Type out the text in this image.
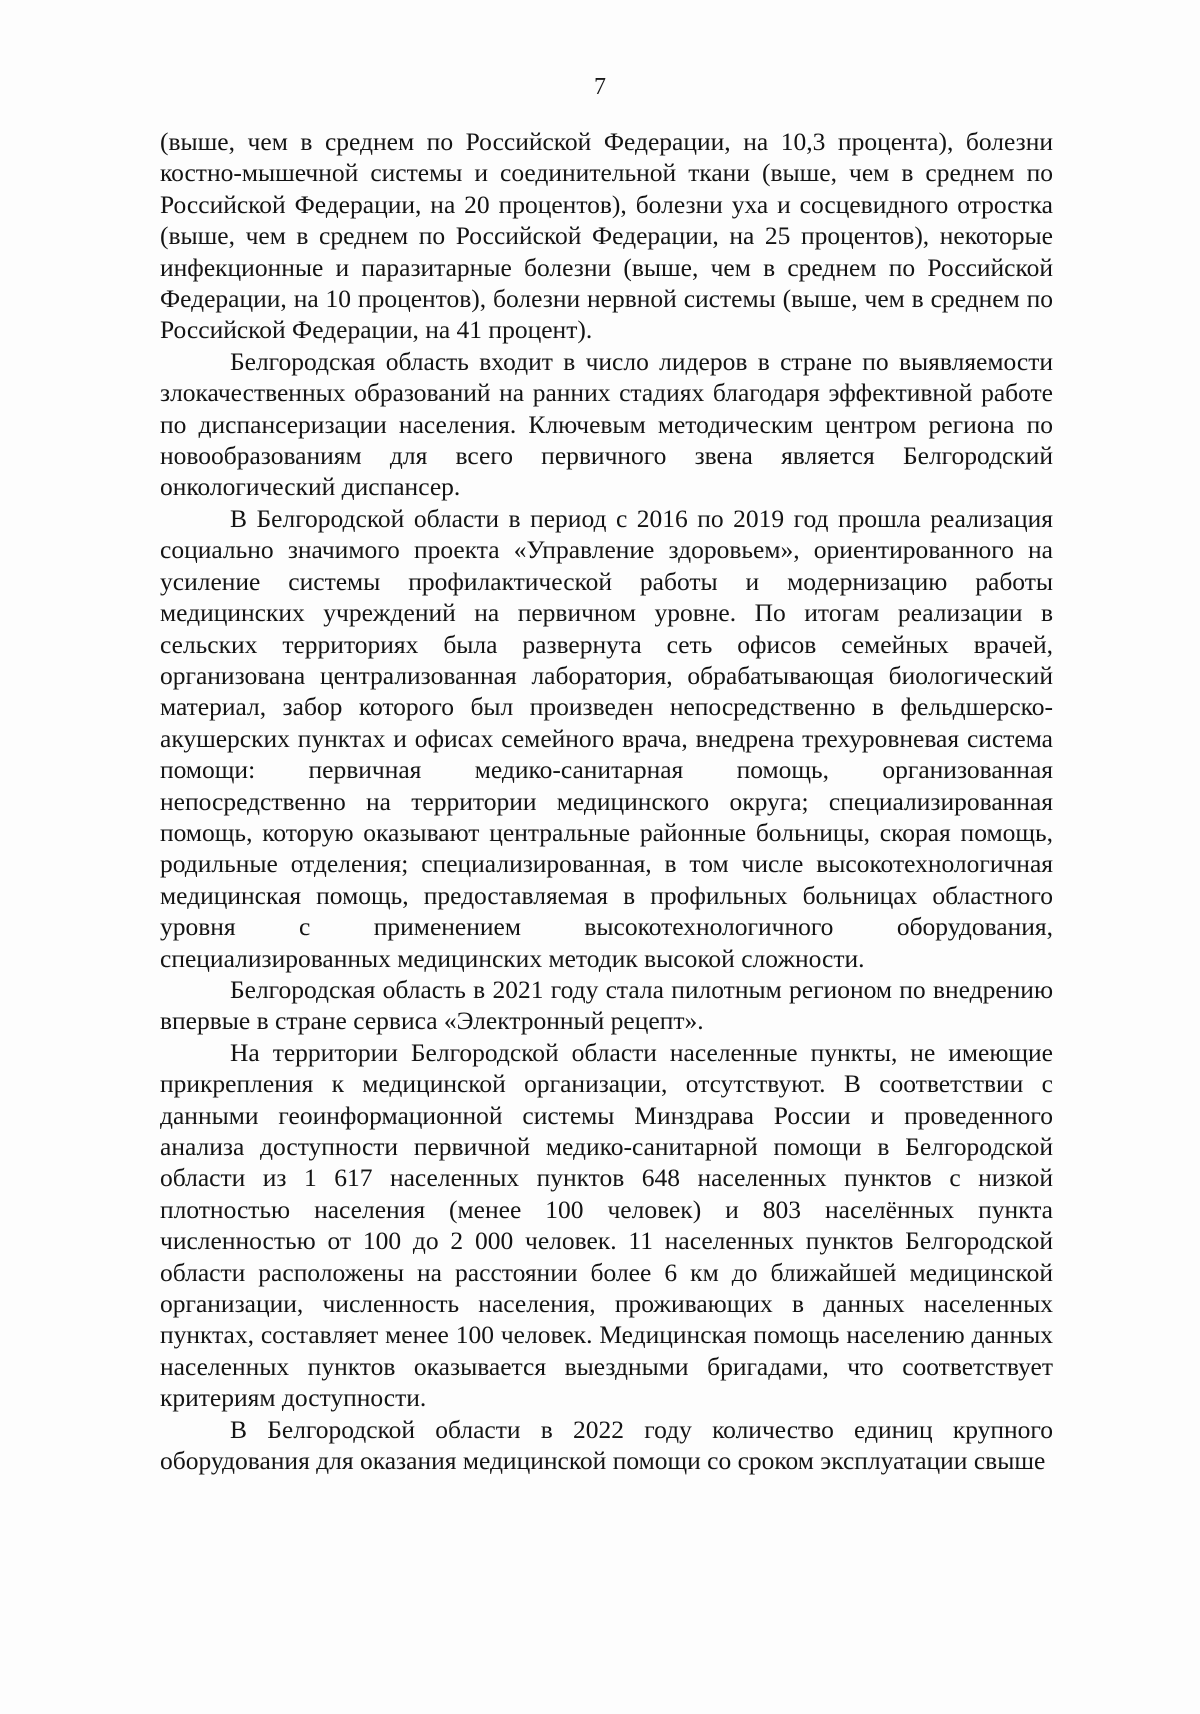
7

(выше, чем в среднем по Российской Федерации, на 10,3 процента), болезни костно-мышечной системы и соединительной ткани (выше, чем в среднем по Российской Федерации, на 20 процентов), болезни уха и сосцевидного отростка (выше, чем в среднем по Российской Федерации, на 25 процентов), некоторые инфекционные и паразитарные болезни (выше, чем в среднем по Российской Федерации, на 10 процентов), болезни нервной системы (выше, чем в среднем по Российской Федерации, на 41 процент).

Белгородская область входит в число лидеров в стране по выявляемости злокачественных образований на ранних стадиях благодаря эффективной работе по диспансеризации населения. Ключевым методическим центром региона по новообразованиям для всего первичного звена является Белгородский онкологический диспансер.

В Белгородской области в период с 2016 по 2019 год прошла реализация социально значимого проекта «Управление здоровьем», ориентированного на усиление системы профилактической работы и модернизацию работы медицинских учреждений на первичном уровне. По итогам реализации в сельских территориях была развернута сеть офисов семейных врачей, организована централизованная лаборатория, обрабатывающая биологический материал, забор которого был произведен непосредственно в фельдшерско-акушерских пунктах и офисах семейного врача, внедрена трехуровневая система помощи: первичная медико-санитарная помощь, организованная непосредственно на территории медицинского округа; специализированная помощь, которую оказывают центральные районные больницы, скорая помощь, родильные отделения; специализированная, в том числе высокотехнологичная медицинская помощь, предоставляемая в профильных больницах областного уровня с применением высокотехнологичного оборудования, специализированных медицинских методик высокой сложности.

Белгородская область в 2021 году стала пилотным регионом по внедрению впервые в стране сервиса «Электронный рецепт».

На территории Белгородской области населенные пункты, не имеющие прикрепления к медицинской организации, отсутствуют. В соответствии с данными геоинформационной системы Минздрава России и проведенного анализа доступности первичной медико-санитарной помощи в Белгородской области из 1 617 населенных пунктов 648 населенных пунктов с низкой плотностью населения (менее 100 человек) и 803 населённых пункта численностью от 100 до 2 000 человек. 11 населенных пунктов Белгородской области расположены на расстоянии более 6 км до ближайшей медицинской организации, численность населения, проживающих в данных населенных пунктах, составляет менее 100 человек. Медицинская помощь населению данных населенных пунктов оказывается выездными бригадами, что соответствует критериям доступности.

В Белгородской области в 2022 году количество единиц крупного оборудования для оказания медицинской помощи со сроком эксплуатации свыше
